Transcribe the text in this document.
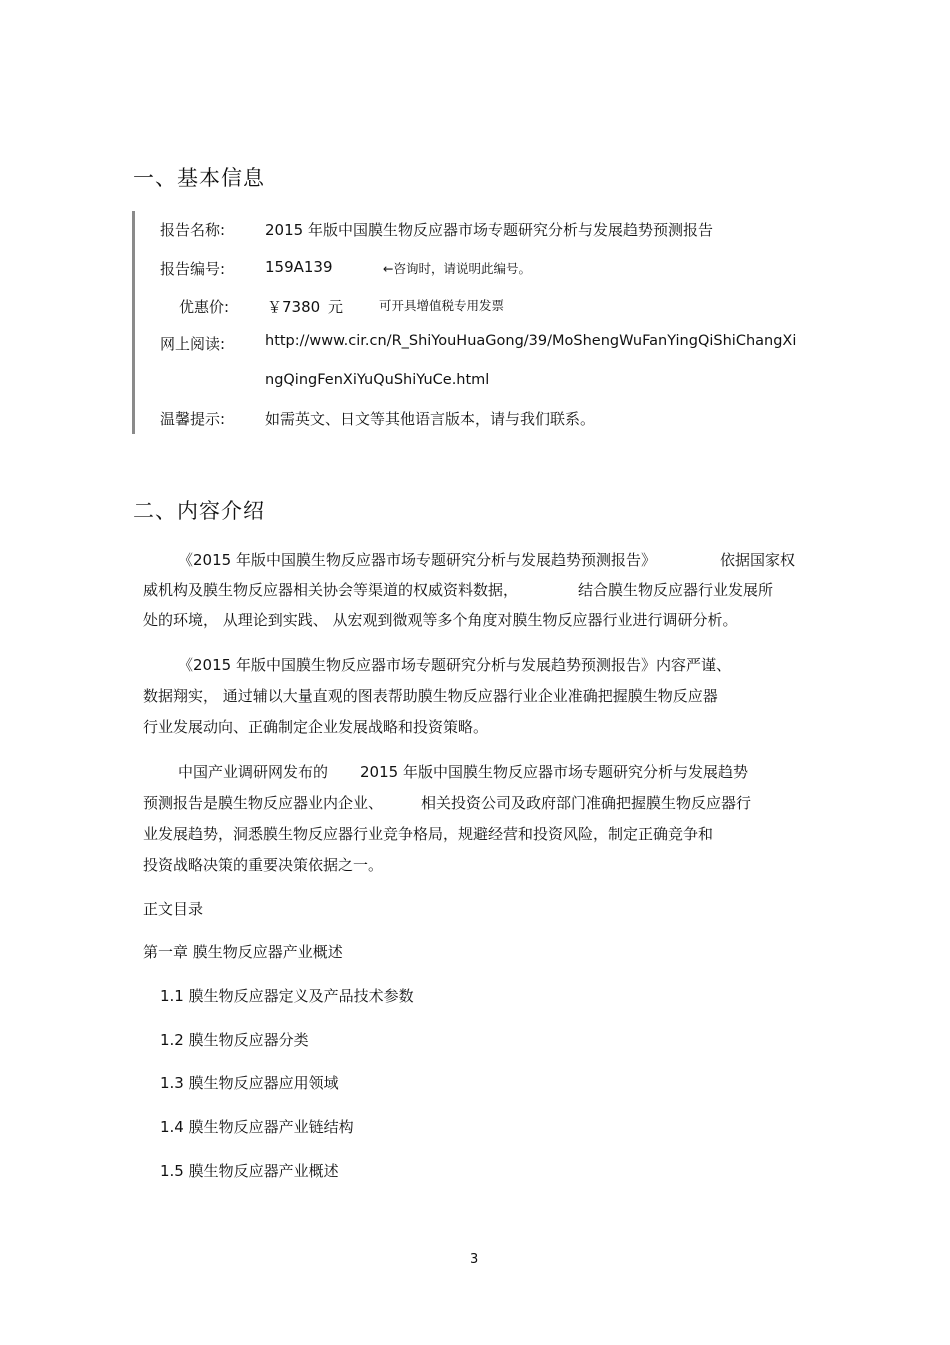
一、基本信息
报告名称:	2015 年版中国膜生物反应器市场专题研究分析与发展趋势预测报告
报告编号:	159A139	←咨询时，请说明此编号。
优惠价:	￥7380 元	可开具增值税专用发票
网上阅读:	http://www.cir.cn/R_ShiYouHuaGong/39/MoShengWuFanYingQiShiChangXi
ngQingFenXiYuQuShiYuCe.html
温馨提示:	如需英文、日文等其他语言版本，请与我们联系。
二、内容介绍
《2015 年版中国膜生物反应器市场专题研究分析与发展趋势预测报告》	依据国家权
威机构及膜生物反应器相关协会等渠道的权威资料数据，	结合膜生物反应器行业发展所
处的环境， 从理论到实践、 从宏观到微观等多个角度对膜生物反应器行业进行调研分析。
《2015 年版中国膜生物反应器市场专题研究分析与发展趋势预测报告》内容严谨、
数据翔实， 通过辅以大量直观的图表帮助膜生物反应器行业企业准确把握膜生物反应器
行业发展动向、正确制定企业发展战略和投资策略。
中国产业调研网发布的 2015 年版中国膜生物反应器市场专题研究分析与发展趋势
预测报告是膜生物反应器业内企业、	相关投资公司及政府部门准确把握膜生物反应器行
业发展趋势，洞悉膜生物反应器行业竞争格局，规避经营和投资风险，制定正确竞争和
投资战略决策的重要决策依据之一。
正文目录
第一章 膜生物反应器产业概述
1.1 膜生物反应器定义及产品技术参数
1.2 膜生物反应器分类
1.3 膜生物反应器应用领域
1.4 膜生物反应器产业链结构
1.5 膜生物反应器产业概述
3
